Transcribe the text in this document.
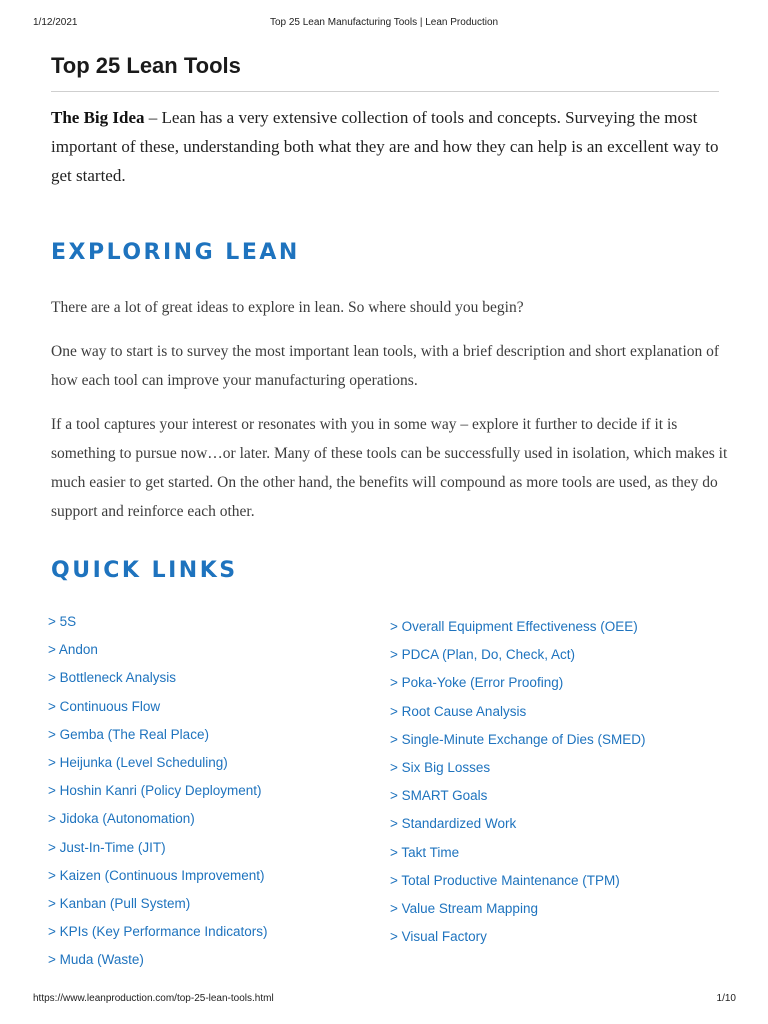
1/12/2021	Top 25 Lean Manufacturing Tools | Lean Production
Top 25 Lean Tools

The Big Idea – Lean has a very extensive collection of tools and concepts. Surveying the most important of these, understanding both what they are and how they can help is an excellent way to get started.

EXPLORING LEAN

There are a lot of great ideas to explore in lean. So where should you begin?

One way to start is to survey the most important lean tools, with a brief description and short explanation of how each tool can improve your manufacturing operations.

If a tool captures your interest or resonates with you in some way – explore it further to decide if it is something to pursue now…or later. Many of these tools can be successfully used in isolation, which makes it much easier to get started. On the other hand, the benefits will compound as more tools are used, as they do support and reinforce each other.

QUICK LINKS
> 5S
> Andon
> Bottleneck Analysis
> Continuous Flow
> Gemba (The Real Place)
> Heijunka (Level Scheduling)
> Hoshin Kanri (Policy Deployment)
> Jidoka (Autonomation)
> Just-In-Time (JIT)
> Kaizen (Continuous Improvement)
> Kanban (Pull System)
> KPIs (Key Performance Indicators)
> Muda (Waste)
> Overall Equipment Effectiveness (OEE)
> PDCA (Plan, Do, Check, Act)
> Poka-Yoke (Error Proofing)
> Root Cause Analysis
> Single-Minute Exchange of Dies (SMED)
> Six Big Losses
> SMART Goals
> Standardized Work
> Takt Time
> Total Productive Maintenance (TPM)
> Value Stream Mapping
> Visual Factory
https://www.leanproduction.com/top-25-lean-tools.html	1/10
